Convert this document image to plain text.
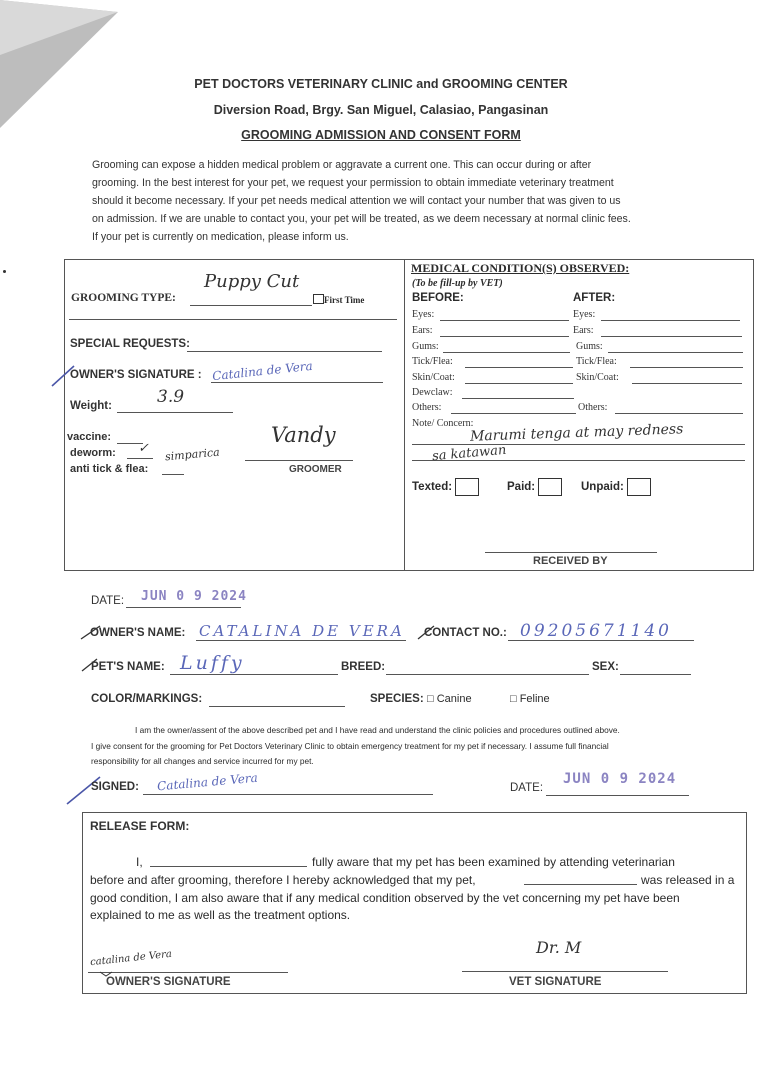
PET DOCTORS VETERINARY CLINIC and GROOMING CENTER
Diversion Road, Brgy. San Miguel, Calasiao, Pangasinan
GROOMING ADMISSION AND CONSENT FORM
Grooming can expose a hidden medical problem or aggravate a current one. This can occur during or after
grooming. In the best interest for your pet, we request your permission to obtain immediate veterinary treatment
should it become necessary. If your pet needs medical attention we will contact your number that was given to us
on admission. If we are unable to contact you, your pet will be treated, as we deem necessary at normal clinic fees.
If your pet is currently on medication, please inform us.
GROOMING TYPE:
Puppy Cut
First Time
SPECIAL REQUESTS:
OWNER'S SIGNATURE : Catalina de Vera
Weight:	3.9
vaccine:
deworm: ✓ simparica
anti tick & flea:
Vandy
GROOMER
MEDICAL CONDITION(S) OBSERVED:
(To be fill-up by VET)
BEFORE:	AFTER:
Eyes:	Eyes:
Ears:	Ears:
Gums:	Gums:
Tick/Flea:	Tick/Flea:
Skin/Coat:	Skin/Coat:
Dewclaw:
Others:	Others:
Note/ Concern:
Marumi tenga at may redness
sa katawan
Texted:	Paid:	Unpaid:
RECEIVED BY
DATE: JUN 0 9 2024
OWNER'S NAME: CATALINA DE VERA CONTACT NO.: 09205671140
PET'S NAME: Luffy	BREED:	SEX:
COLOR/MARKINGS:	SPECIES: □ Canine	□ Feline
I am the owner/assent of the above described pet and I have read and understand the clinic policies and procedures outlined above.
I give consent for the grooming for Pet Doctors Veterinary Clinic to obtain emergency treatment for my pet if necessary. I assume full financial
responsibility for all changes and service incurred for my pet.
SIGNED: Catalina de Vera	DATE:
JUN 0 9 2024
RELEASE FORM:
I,	fully aware that my pet has been examined by attending veterinarian
before and after grooming, therefore I hereby acknowledged that my pet,	was released in a
good condition, I am also aware that if any medical condition observed by the vet concerning my pet have been
explained to me as well as the treatment options.
catalina de Vera
OWNER'S SIGNATURE
Dr. M
VET SIGNATURE
